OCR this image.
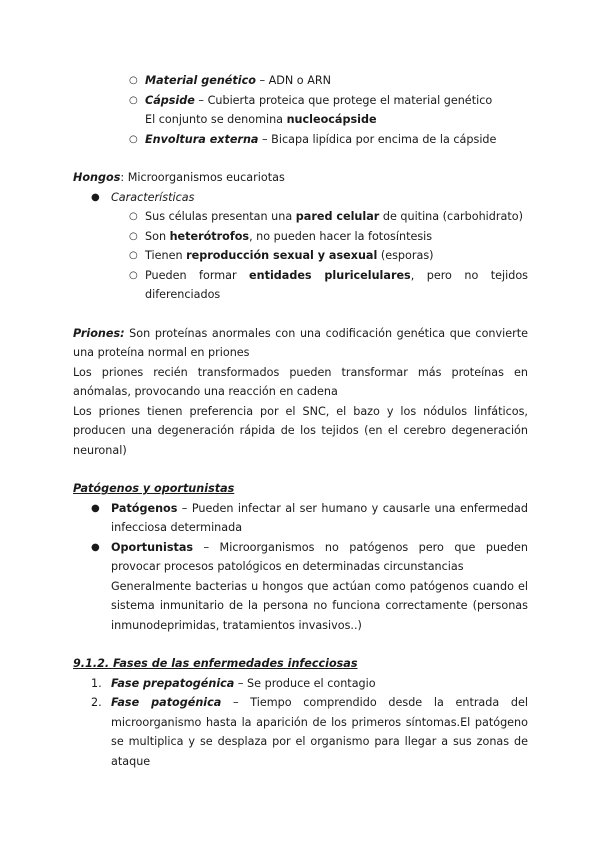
○ Material genético – ADN o ARN
○ Cápside – Cubierta proteica que protege el material genético
El conjunto se denomina nucleocápside
○ Envoltura externa – Bicapa lipídica por encima de la cápside
Hongos: Microorganismos eucariotas
● Características
○ Sus células presentan una pared celular de quitina (carbohidrato)
○ Son heterótrofos, no pueden hacer la fotosíntesis
○ Tienen reproducción sexual y asexual (esporas)
○ Pueden formar entidades pluricelulares, pero no tejidos diferenciados
Priones: Son proteínas anormales con una codificación genética que convierte una proteína normal en priones
Los priones recién transformados pueden transformar más proteínas en anómalas, provocando una reacción en cadena
Los priones tienen preferencia por el SNC, el bazo y los nódulos linfáticos, producen una degeneración rápida de los tejidos (en el cerebro degeneración neuronal)
Patógenos y oportunistas
● Patógenos – Pueden infectar al ser humano y causarle una enfermedad infecciosa determinada
● Oportunistas – Microorganismos no patógenos pero que pueden provocar procesos patológicos en determinadas circunstancias
Generalmente bacterias u hongos que actúan como patógenos cuando el sistema inmunitario de la persona no funciona correctamente (personas inmunodeprimidas, tratamientos invasivos..)
9.1.2. Fases de las enfermedades infecciosas
1. Fase prepatogénica – Se produce el contagio
2. Fase patogénica – Tiempo comprendido desde la entrada del microorganismo hasta la aparición de los primeros síntomas.El patógeno se multiplica y se desplaza por el organismo para llegar a sus zonas de ataque
